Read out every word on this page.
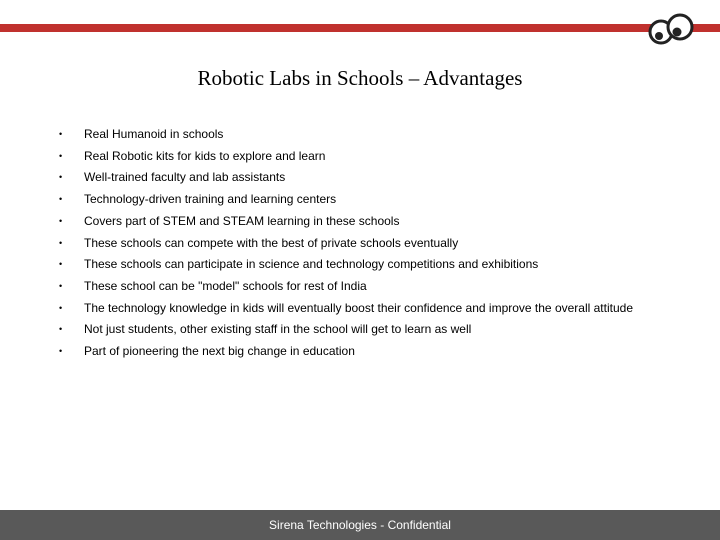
Robotic Labs in Schools – Advantages
• Real Humanoid in schools
• Real Robotic kits for kids to explore and learn
• Well-trained faculty and lab assistants
• Technology-driven training and learning centers
• Covers part of STEM and STEAM learning in these schools
• These schools can compete with the best of private schools eventually
• These schools can participate in science and technology competitions and exhibitions
• These school can be "model" schools for rest of India
• The technology knowledge in kids will eventually boost their confidence and improve the overall attitude
• Not just students, other existing staff in the school will get to learn as well
• Part of pioneering the next big change in education
Sirena Technologies - Confidential
